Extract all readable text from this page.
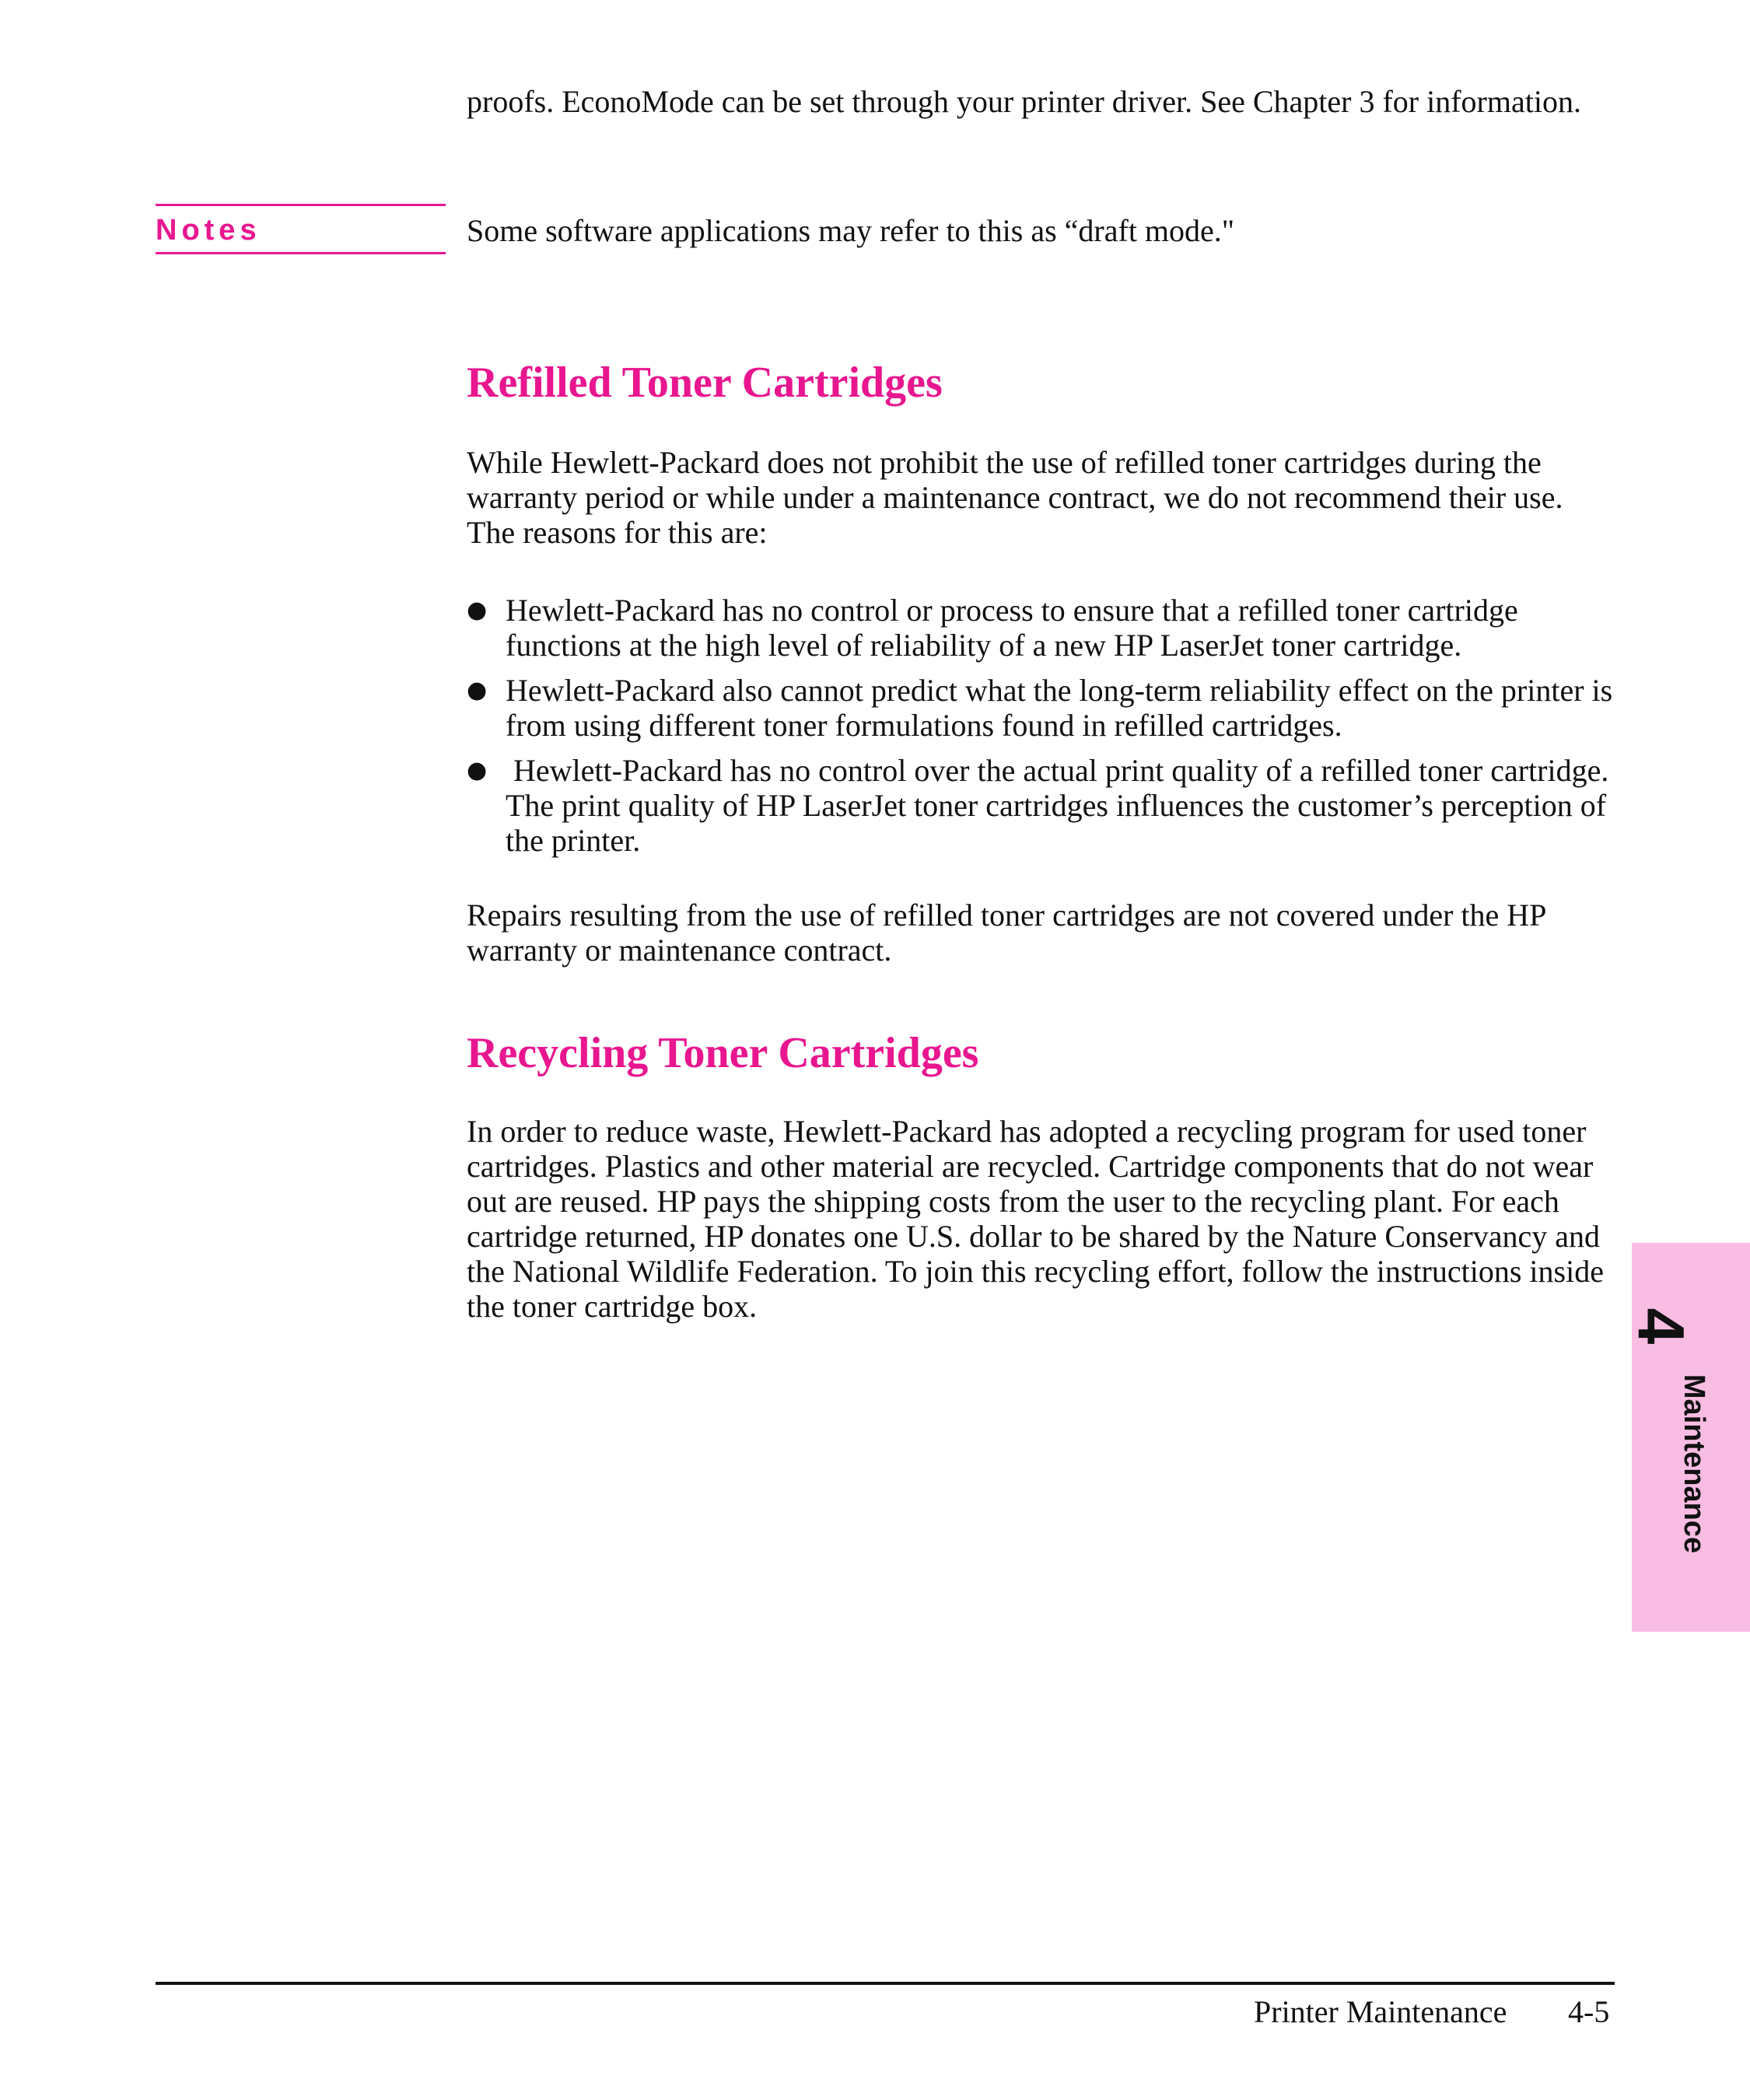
proofs. EconoMode can be set through your printer driver. See Chapter 3 for information.

Notes	Some software applications may refer to this as “draft mode."

Refilled Toner Cartridges

While Hewlett-Packard does not prohibit the use of refilled toner cartridges during the warranty period or while under a maintenance contract, we do not recommend their use. The reasons for this are:

● Hewlett-Packard has no control or process to ensure that a refilled toner cartridge functions at the high level of reliability of a new HP LaserJet toner cartridge.
● Hewlett-Packard also cannot predict what the long-term reliability effect on the printer is from using different toner formulations found in refilled cartridges.
● Hewlett-Packard has no control over the actual print quality of a refilled toner cartridge. The print quality of HP LaserJet toner cartridges influences the customer’s perception of the printer.

Repairs resulting from the use of refilled toner cartridges are not covered under the HP warranty or maintenance contract.

Recycling Toner Cartridges

In order to reduce waste, Hewlett-Packard has adopted a recycling program for used toner cartridges. Plastics and other material are recycled. Cartridge components that do not wear out are reused. HP pays the shipping costs from the user to the recycling plant. For each cartridge returned, HP donates one U.S. dollar to be shared by the Nature Conservancy and the National Wildlife Federation. To join this recycling effort, follow the instructions inside the toner cartridge box.

4
Maintenance
Printer Maintenance 4-5
